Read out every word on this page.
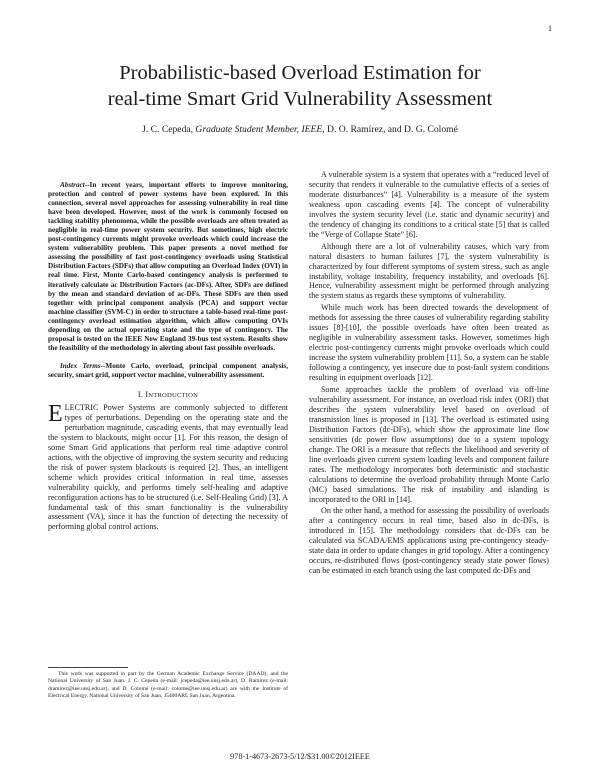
1
Probabilistic-based Overload Estimation for
real-time Smart Grid Vulnerability Assessment
J. C. Cepeda, Graduate Student Member, IEEE, D. O. Ramírez, and D. G. Colomé

Abstract--In recent years, important efforts to improve monitoring, protection and control of power systems have been explored. In this connection, several novel approaches for assessing vulnerability in real time have been developed. However, most of the work is commonly focused on tackling stability phenomena, while the possible overloads are often treated as negligible in real-time power system security. But sometimes, high electric post-contingency currents might provoke overloads which could increase the system vulnerability problem. This paper presents a novel method for assessing the possibility of fast post-contingency overloads using Statistical Distribution Factors (SDFs) that allow computing an Overload Index (OVI) in real time. First, Monte Carlo-based contingency analysis is performed to iteratively calculate ac Distribution Factors (ac-DFs). After, SDFs are defined by the mean and standard deviation of ac-DFs. These SDFs are then used together with principal component analysis (PCA) and support vector machine classifier (SVM-C) in order to structure a table-based real-time post-contingency overload estimation algorithm, which allow computing OVIs depending on the actual operating state and the type of contingency. The proposal is tested on the IEEE New England 39-bus test system. Results show the feasibility of the methodology in alerting about fast possible overloads.

Index Terms--Monte Carlo, overload, principal component analysis, security, smart grid, support vector machine, vulnerability assessment.

I. INTRODUCTION

ELECTRIC Power Systems are commonly subjected to different types of perturbations. Depending on the operating state and the perturbation magnitude, cascading events, that may eventually lead the system to blackouts, might occur [1]. For this reason, the design of some Smart Grid applications that perform real time adaptive control actions, with the objective of improving the system security and reducing the risk of power system blackouts is required [2]. Thus, an intelligent scheme which provides critical information in real time, assesses vulnerability quickly, and performs timely self-healing and adaptive reconfiguration actions has to be structured (i.e. Self-Healing Grid) [3]. A fundamental task of this smart functionality is the vulnerability assessment (VA), since it has the function of detecting the necessity of performing global control actions.

A vulnerable system is a system that operates with a “reduced level of security that renders it vulnerable to the cumulative effects of a series of moderate disturbances” [4]. Vulnerability is a measure of the system weakness upon cascading events [4]. The concept of vulnerability involves the system security level (i.e. static and dynamic security) and the tendency of changing its conditions to a critical state [5] that is called the “Verge of Collapse State” [6].

Although there are a lot of vulnerability causes, which vary from natural disasters to human failures [7], the system vulnerability is characterized by four different symptoms of system stress, such as angle instability, voltage instability, frequency instability, and overloads [6]. Hence, vulnerability assessment might be performed through analyzing the system status as regards these symptoms of vulnerability.

While much work has been directed towards the development of methods for assessing the three causes of vulnerability regarding stability issues [8]-[10], the possible overloads have often been treated as negligible in vulnerability assessment tasks. However, sometimes high electric post-contingency currents might provoke overloads which could increase the system vulnerability problem [11]. So, a system can be stable following a contingency, yet insecure due to post-fault system conditions resulting in equipment overloads [12].

Some approaches tackle the problem of overload via off-line vulnerability assessment. For instance, an overload risk index (ORI) that describes the system vulnerability level based on overload of transmission lines is proposed in [13]. The overload is estimated using Distribution Factors (dc-DFs), which show the approximate line flow sensitivities (dc power flow assumptions) due to a system topology change. The ORI is a measure that reflects the likelihood and severity of line overloads given current system loading levels and component failure rates. The methodology incorporates both deterministic and stochastic calculations to determine the overload probability through Monte Carlo (MC) based simulations. The risk of instability and islanding is incorporated to the ORI in [14].

On the other hand, a method for assessing the possibility of overloads after a contingency occurs in real time, based also in dc-DFs, is introduced in [15]. The methodology considers that dc-DFs can be calculated via SCADA/EMS applications using pre-contingency steady-state data in order to update changes in grid topology. After a contingency occurs, re-distributed flows (post-contingency steady state power flows) can be estimated in each branch using the last computed dc-DFs and

This work was supported in part by the German Academic Exchange Service (DAAD), and the National University of San Juan. J. C. Cepeda (e-mail: jcepeda@iee.unsj.edu.ar), D. Ramírez (e-mail: dramirez@iee.unsj.edu.ar), and D. Colomé (e-mail: colome@iee.unsj.edu.ar) are with the Institute of Electrical Energy, National University of San Juan, J5400ARL San Juan, Argentina.
978-1-4673-2673-5/12/$31.00©2012IEEE
